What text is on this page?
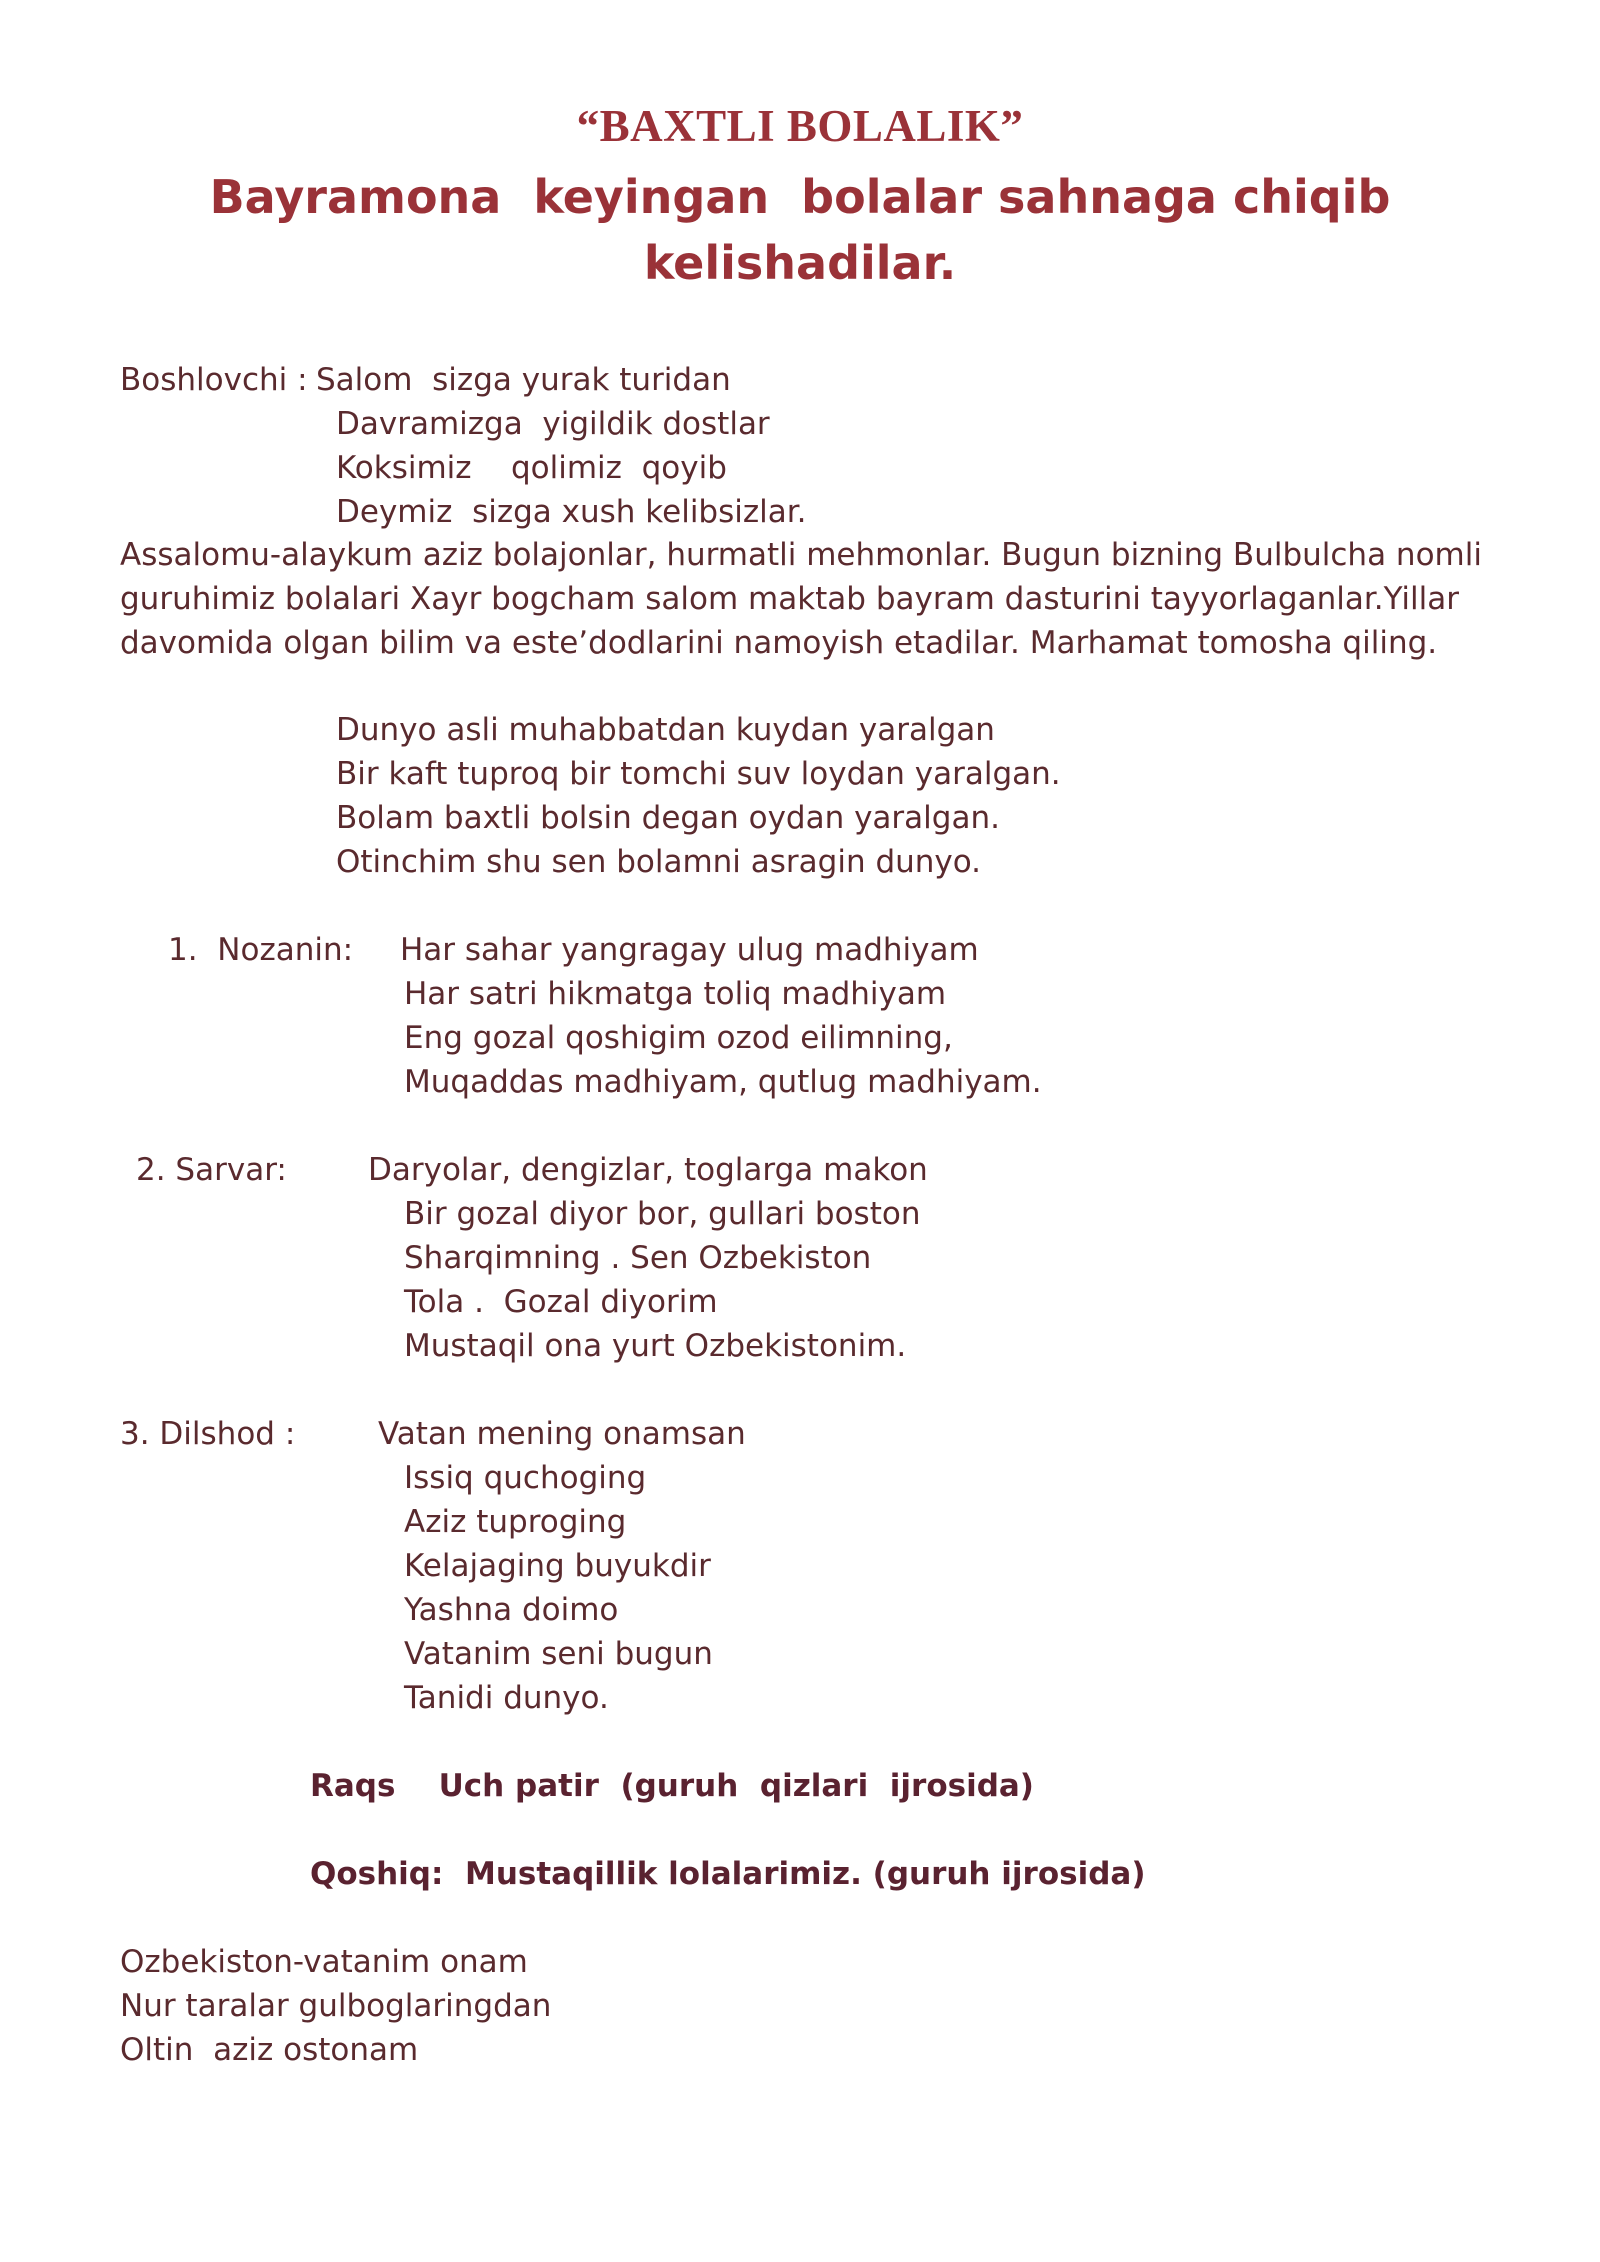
“BAXTLI BOLALIK”
Bayramona  keyingan  bolalar sahnaga chiqib kelishadilar.
Boshlovchi : Salom  sizga yurak turidan
Davramizga  yigildik dostlar
Koksimiz    qolimiz  qoyib
Deymiz  sizga xush kelibsizlar.
Assalomu-alaykum aziz bolajonlar, hurmatli mehmonlar. Bugun bizning Bulbulcha nomli guruhimiz bolalari Xayr bogcham salom maktab bayram dasturini tayyorlaganlar.Yillar davomida olgan bilim va este’dodlarini namoyish etadilar. Marhamat tomosha qiling.
Dunyo asli muhabbatdan kuydan yaralgan
Bir kaft tuproq bir tomchi suv loydan yaralgan.
Bolam baxtli bolsin degan oydan yaralgan.
Otinchim shu sen bolamni asragin dunyo.
1.  Nozanin: Har sahar yangragay ulug madhiyam
Har satri hikmatga toliq madhiyam
Eng gozal qoshigim ozod eilimning,
Muqaddas madhiyam, qutlug madhiyam.
2. Sarvar:	Daryolar, dengizlar, toglarga makon
Bir gozal diyor bor, gullari boston
Sharqimning . Sen Ozbekiston
Tola .  Gozal diyorim
Mustaqil ona yurt Ozbekistonim.
3. Dilshod :	Vatan mening onamsan
Issiq quchoging
Aziz tuproging
Kelajaging buyukdir
Yashna doimo
Vatanim seni bugun
Tanidi dunyo.
Raqs    Uch patir  (guruh  qizlari  ijrosida)
Qoshiq:  Mustaqillik lolalarimiz. (guruh ijrosida)
Ozbekiston-vatanim onam
Nur taralar gulboglaringdan
Oltin  aziz ostonam
